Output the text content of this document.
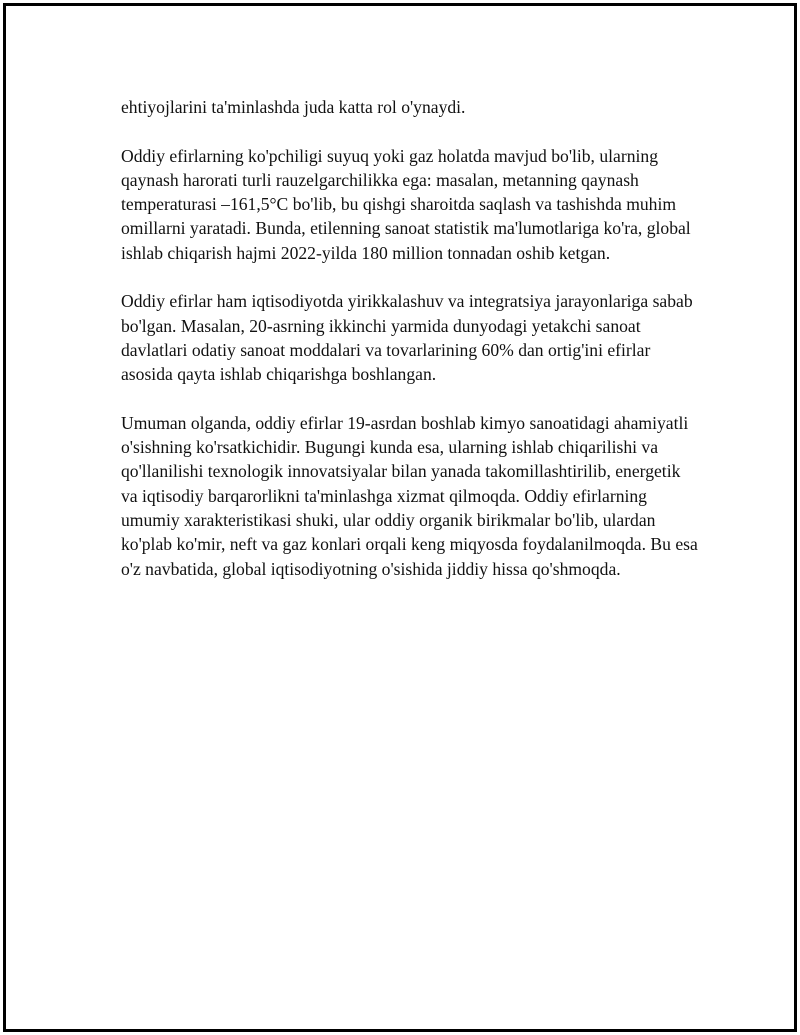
ehtiyojlarini ta'minlashda juda katta rol o'ynaydi.

Oddiy efirlarning ko'pchiligi suyuq yoki gaz holatda mavjud bo'lib, ularning qaynash harorati turli rauzelgarchilikka ega: masalan, metanning qaynash temperaturasi –161,5°C bo'lib, bu qishgi sharoitda saqlash va tashishda muhim omillarni yaratadi. Bunda, etilenning sanoat statistik ma'lumotlariga ko'ra, global ishlab chiqarish hajmi 2022-yilda 180 million tonnadan oshib ketgan.

Oddiy efirlar ham iqtisodiyotda yirikkalashuv va integratsiya jarayonlariga sabab bo'lgan. Masalan, 20-asrning ikkinchi yarmida dunyodagi yetakchi sanoat davlatlari odatiy sanoat moddalari va tovarlarining 60% dan ortig'ini efirlar asosida qayta ishlab chiqarishga boshlangan.

Umuman olganda, oddiy efirlar 19-asrdan boshlab kimyo sanoatidagi ahamiyatli o'sishning ko'rsatkichidir. Bugungi kunda esa, ularning ishlab chiqarilishi va qo'llanilishi texnologik innovatsiyalar bilan yanada takomillashtirilib, energetik va iqtisodiy barqarorlikni ta'minlashga xizmat qilmoqda. Oddiy efirlarning umumiy xarakteristikasi shuki, ular oddiy organik birikmalar bo'lib, ulardan ko'plab ko'mir, neft va gaz konlari orqali keng miqyosda foydalanilmoqda. Bu esa o'z navbatida, global iqtisodiyotning o'sishida jiddiy hissa qo'shmoqda.
